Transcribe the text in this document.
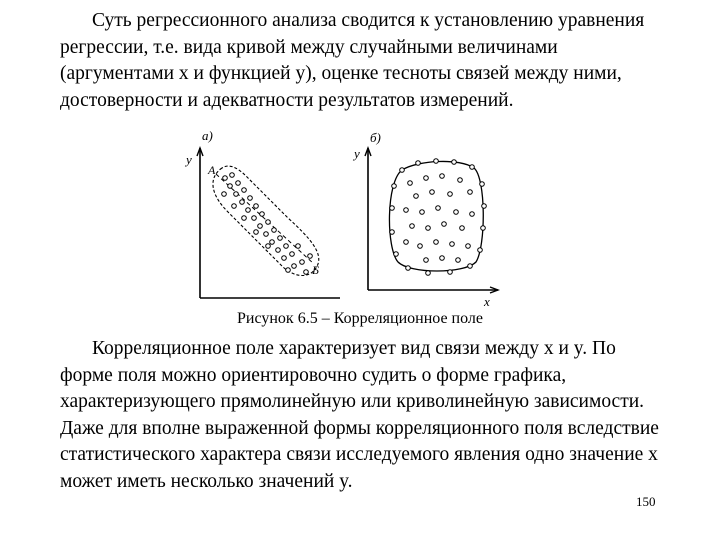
Суть регрессионного анализа сводится к установлению уравнения регрессии, т.е. вида кривой между случайными величинами (аргументами x и функцией y), оценке тесноты связей между ними, достоверности и адекватности результатов измерений.

a)
y
А
Б
б)
y
x
Рисунок 6.5 – Корреляционное поле

Корреляционное поле характеризует вид связи между x и y. По форме поля можно ориентировочно судить о форме графика, характеризующего прямолинейную или криволинейную зависимости. Даже для вполне выраженной формы корреляционного поля вследствие статистического характера связи исследуемого явления одно значение x может иметь несколько значений y.

150
